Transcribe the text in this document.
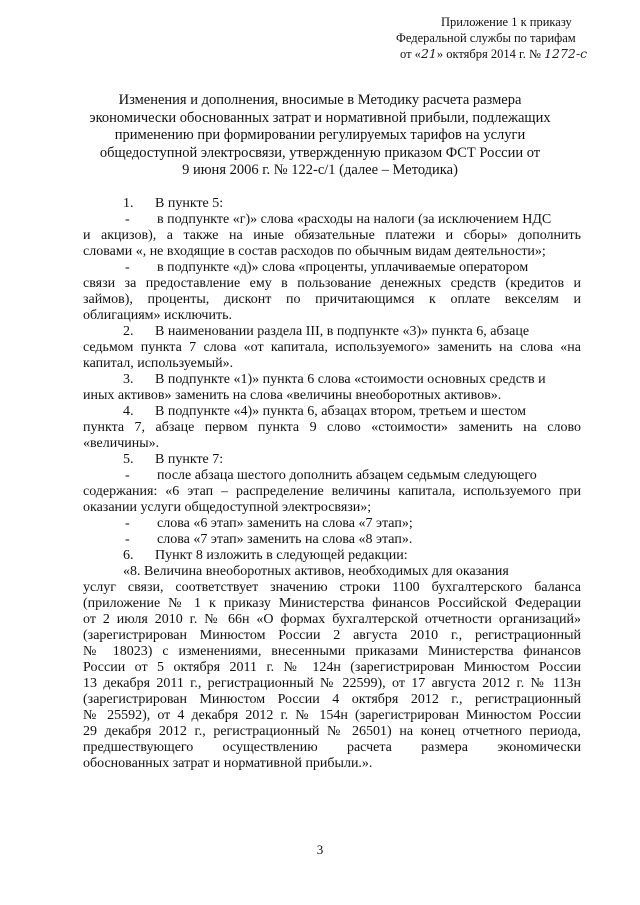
Приложение 1 к приказу
Федеральной службы по тарифам
от «21» октября 2014 г. № 1272-с
Изменения и дополнения, вносимые в Методику расчета размера
экономически обоснованных затрат и нормативной прибыли, подлежащих
применению при формировании регулируемых тарифов на услуги
общедоступной электросвязи, утвержденную приказом ФСТ России от
9 июня 2006 г. № 122-с/1 (далее – Методика)
1. В пункте 5:
- в подпункте «г)» слова «расходы на налоги (за исключением НДС
и акцизов), а также на иные обязательные платежи и сборы» дополнить
словами «, не входящие в состав расходов по обычным видам деятельности»;
- в подпункте «д)» слова «проценты, уплачиваемые оператором
связи за предоставление ему в пользование денежных средств (кредитов и
займов), проценты, дисконт по причитающимся к оплате векселям и
облигациям» исключить.
2. В наименовании раздела III, в подпункте «3)» пункта 6, абзаце
седьмом пункта 7 слова «от капитала, используемого» заменить на слова «на
капитал, используемый».
3. В подпункте «1)» пункта 6 слова «стоимости основных средств и
иных активов» заменить на слова «величины внеоборотных активов».
4. В подпункте «4)» пункта 6, абзацах втором, третьем и шестом
пункта 7, абзаце первом пункта 9 слово «стоимости» заменить на слово
«величины».
5. В пункте 7:
- после абзаца шестого дополнить абзацем седьмым следующего
содержания: «6 этап – распределение величины капитала, используемого при
оказании услуги общедоступной электросвязи»;
- слова «6 этап» заменить на слова «7 этап»;
- слова «7 этап» заменить на слова «8 этап».
6. Пункт 8 изложить в следующей редакции:
«8. Величина внеоборотных активов, необходимых для оказания
услуг связи, соответствует значению строки 1100 бухгалтерского баланса
(приложение № 1 к приказу Министерства финансов Российской Федерации
от 2 июля 2010 г. № 66н «О формах бухгалтерской отчетности организаций»
(зарегистрирован Минюстом России 2 августа 2010 г., регистрационный
№ 18023) с изменениями, внесенными приказами Министерства финансов
России от 5 октября 2011 г. № 124н (зарегистрирован Минюстом России
13 декабря 2011 г., регистрационный № 22599), от 17 августа 2012 г. № 113н
(зарегистрирован Минюстом России 4 октября 2012 г., регистрационный
№ 25592), от 4 декабря 2012 г. № 154н (зарегистрирован Минюстом России
29 декабря 2012 г., регистрационный № 26501) на конец отчетного периода,
предшествующего осуществлению расчета размера экономически
обоснованных затрат и нормативной прибыли.».
3
